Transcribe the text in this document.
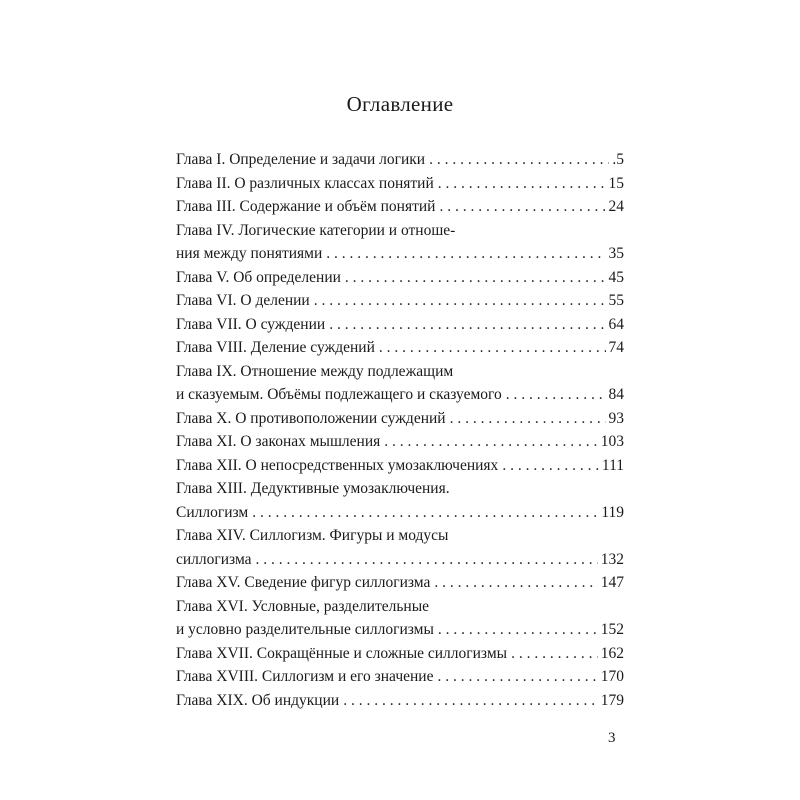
Оглавление
Глава I. Определение и задачи логики . . .	.5
Глава II. О различных классах понятий . . .	15
Глава III. Содержание и объём понятий . . .	24
Глава IV. Логические категории и отноше-
ния между понятиями . . .	35
Глава V. Об определении . . .	45
Глава VI. О делении . . .	55
Глава VII. О суждении . . .	64
Глава VIII. Деление суждений . . .	74
Глава IX. Отношение между подлежащим
и сказуемым. Объёмы подлежащего и сказуемого . . .	84
Глава X. О противоположении суждений . . .	93
Глава XI. О законах мышления . . .	103
Глава XII. О непосредственных умозаключениях . . .	111
Глава XIII. Дедуктивные умозаключения.
Силлогизм . . .	119
Глава XIV. Силлогизм. Фигуры и модусы
силлогизма . . .	132
Глава XV. Сведение фигур силлогизма . . .	147
Глава XVI. Условные, разделительные
и условно разделительные силлогизмы . . .	152
Глава XVII. Сокращённые и сложные силлогизмы . . .	162
Глава XVIII. Силлогизм и его значение . . .	170
Глава XIX. Об индукции . . .	179
3
